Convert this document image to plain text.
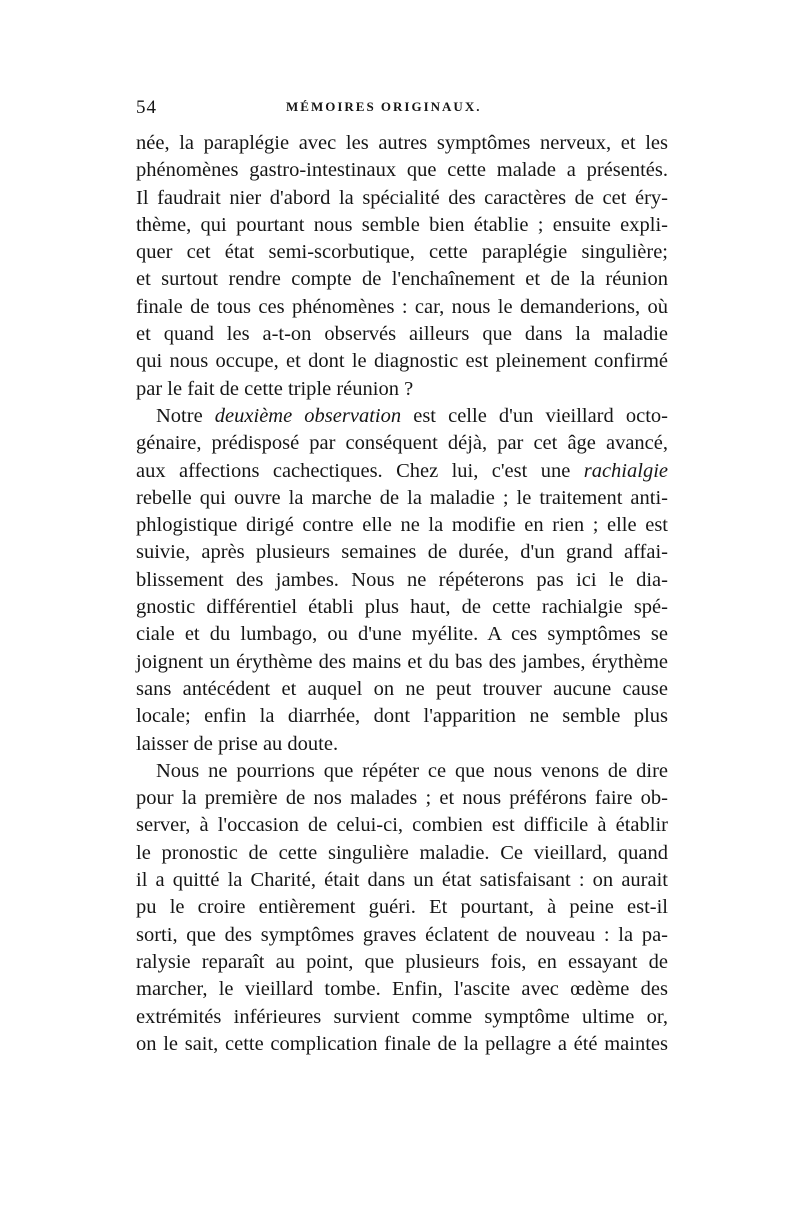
54	MÉMOIRES ORIGINAUX.
née, la paraplégie avec les autres symptômes nerveux, et les
phénomènes gastro-intestinaux que cette malade a présentés.
Il faudrait nier d'abord la spécialité des caractères de cet éry-
thème, qui pourtant nous semble bien établie ; ensuite expli-
quer cet état semi-scorbutique, cette paraplégie singulière;
et surtout rendre compte de l'enchaînement et de la réunion
finale de tous ces phénomènes : car, nous le demanderions, où
et quand les a-t-on observés ailleurs que dans la maladie
qui nous occupe, et dont le diagnostic est pleinement confirmé
par le fait de cette triple réunion ?
Notre deuxième observation est celle d'un vieillard octo-
génaire, prédisposé par conséquent déjà, par cet âge avancé,
aux affections cachectiques. Chez lui, c'est une rachialgie
rebelle qui ouvre la marche de la maladie ; le traitement anti-
phlogistique dirigé contre elle ne la modifie en rien ; elle est
suivie, après plusieurs semaines de durée, d'un grand affai-
blissement des jambes. Nous ne répéterons pas ici le dia-
gnostic différentiel établi plus haut, de cette rachialgie spé-
ciale et du lumbago, ou d'une myélite. A ces symptômes se
joignent un érythème des mains et du bas des jambes, érythème
sans antécédent et auquel on ne peut trouver aucune cause
locale; enfin la diarrhée, dont l'apparition ne semble plus
laisser de prise au doute.
Nous ne pourrions que répéter ce que nous venons de dire
pour la première de nos malades ; et nous préférons faire ob-
server, à l'occasion de celui-ci, combien est difficile à établir
le pronostic de cette singulière maladie. Ce vieillard, quand
il a quitté la Charité, était dans un état satisfaisant : on aurait
pu le croire entièrement guéri. Et pourtant, à peine est-il
sorti, que des symptômes graves éclatent de nouveau : la pa-
ralysie reparaît au point, que plusieurs fois, en essayant de
marcher, le vieillard tombe. Enfin, l'ascite avec œdème des
extrémités inférieures survient comme symptôme ultime or,
on le sait, cette complication finale de la pellagre a été maintes
